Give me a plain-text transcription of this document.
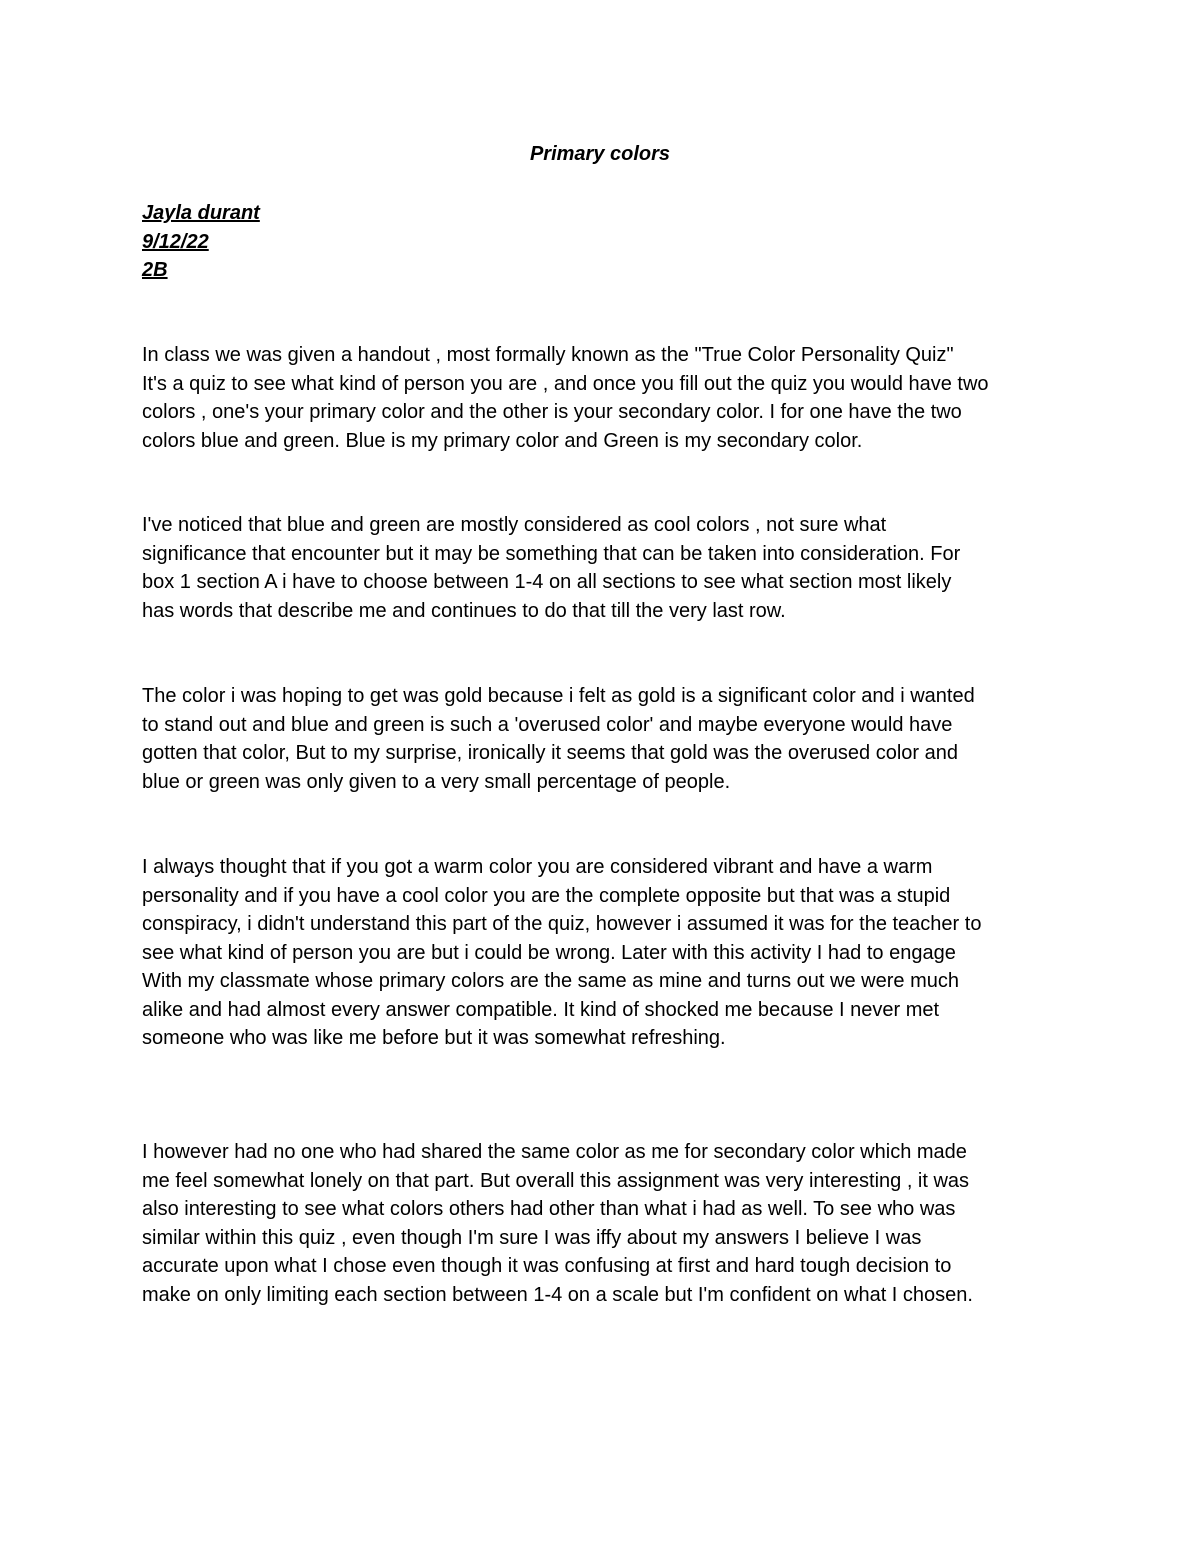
Primary colors
Jayla durant
9/12/22
2B
In class we was given a handout , most formally known as the "True Color Personality Quiz"
It's a quiz to see what kind of person you are , and once you fill out the quiz you would have two
colors , one's your primary color and the other is your secondary color. I for one have the two
colors blue and green. Blue is my primary color and Green is my secondary color.
I've noticed that blue and green are mostly considered as cool colors , not sure what
significance that encounter but it may be something that can be taken into consideration. For
box 1 section A i have to choose between 1-4 on all sections to see what section most likely
has words that describe me and continues to do that till the very last row.
The color i was hoping to get was gold because i felt as gold is a significant color and i wanted
to stand out and blue and green is such a 'overused color' and maybe everyone would have
gotten that color, But to my surprise, ironically it seems that gold was the overused color and
blue or green was only given to a very small percentage of people.
I always thought that if you got a warm color you are considered vibrant and have a warm
personality and if you have a cool color you are the complete opposite but that was a stupid
conspiracy, i didn't understand this part of the quiz, however i assumed it was for the teacher to
see what kind of person you are but i could be wrong. Later with this activity I had to engage
With my classmate whose primary colors are the same as mine and turns out we were much
alike and had almost every answer compatible. It kind of shocked me because I never met
someone who was like me before but it was somewhat refreshing.
I however had no one who had shared the same color as me for secondary color which made
me feel somewhat lonely on that part. But overall this assignment was very interesting , it was
also interesting to see what colors others had other than what i had as well. To see who was
similar within this quiz , even though I'm sure I was iffy about my answers I believe I was
accurate upon what I chose even though it was confusing at first and hard tough decision to
make on only limiting each section between 1-4 on a scale but I'm confident on what I chosen.
